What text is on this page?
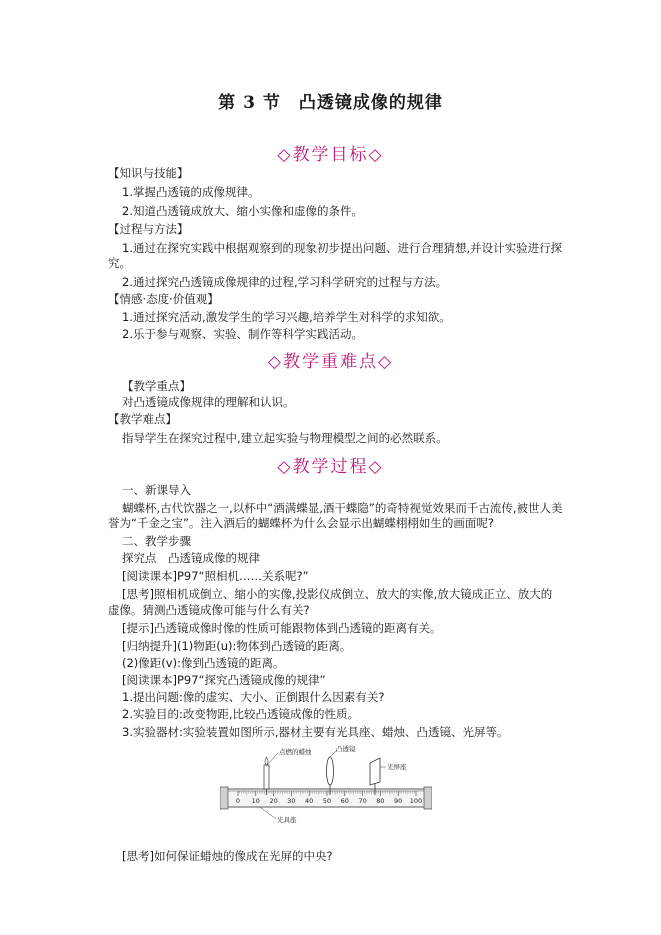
第 3 节　凸透镜成像的规律
◇教学目标◇
【知识与技能】
1.掌握凸透镜的成像规律。
2.知道凸透镜成放大、缩小实像和虚像的条件。
【过程与方法】
1.通过在探究实践中根据观察到的现象初步提出问题、进行合理猜想,并设计实验进行探
究。
2.通过探究凸透镜成像规律的过程,学习科学研究的过程与方法。
【情感·态度·价值观】
1.通过探究活动,激发学生的学习兴趣,培养学生对科学的求知欲。
2.乐于参与观察、实验、制作等科学实践活动。
◇教学重难点◇
【教学重点】
对凸透镜成像规律的理解和认识。
【教学难点】
指导学生在探究过程中,建立起实验与物理模型之间的必然联系。
◇教学过程◇
一、新课导入
蝴蝶杯,古代饮器之一,以杯中“酒满蝶显,酒干蝶隐”的奇特视觉效果而千古流传,被世人美
誉为“千金之宝”。注入酒后的蝴蝶杯为什么会显示出蝴蝶栩栩如生的画面呢?
二、教学步骤
探究点　凸透镜成像的规律
[阅读课本]P97“照相机……关系呢?”
[思考]照相机成倒立、缩小的实像,投影仪成倒立、放大的实像,放大镜成正立、放大的
虚像。猜测凸透镜成像可能与什么有关?
[提示]凸透镜成像时像的性质可能跟物体到凸透镜的距离有关。
[归纳提升](1)物距(u):物体到凸透镜的距离。
(2)像距(v):像到凸透镜的距离。
[阅读课本]P97“探究凸透镜成像的规律”
1.提出问题:像的虚实、大小、正倒跟什么因素有关?
2.实验目的:改变物距,比较凸透镜成像的性质。
3.实验器材:实验装置如图所示,器材主要有光具座、蜡烛、凸透镜、光屏等。
0 10 20 30 40 50 60 70 80 90 100
点燃的蜡烛	凸透镜
光屏座
光具座
[思考]如何保证蜡烛的像成在光屏的中央?
